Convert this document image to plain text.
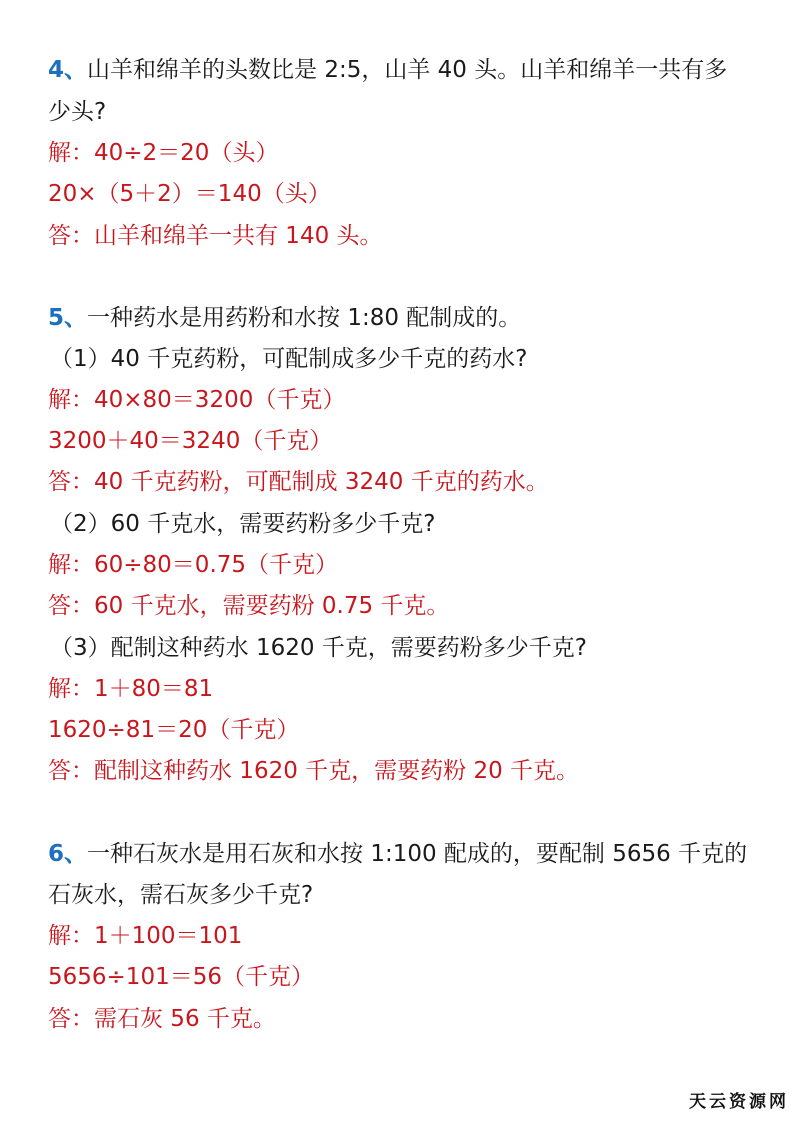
4、山羊和绵羊的头数比是 2:5，山羊 40 头。山羊和绵羊一共有多
少头?
解：40÷2＝20（头）
20×（5＋2）＝140（头）
答：山羊和绵羊一共有 140 头。
5、一种药水是用药粉和水按 1:80 配制成的。
（1）40 千克药粉，可配制成多少千克的药水?
解：40×80＝3200（千克）
3200＋40＝3240（千克）
答：40 千克药粉，可配制成 3240 千克的药水。
（2）60 千克水，需要药粉多少千克?
解：60÷80＝0.75（千克）
答：60 千克水，需要药粉 0.75 千克。
（3）配制这种药水 1620 千克，需要药粉多少千克?
解：1＋80＝81
1620÷81＝20（千克）
答：配制这种药水 1620 千克，需要药粉 20 千克。
6、一种石灰水是用石灰和水按 1:100 配成的，要配制 5656 千克的
石灰水，需石灰多少千克?
解：1＋100＝101
5656÷101＝56（千克）
答：需石灰 56 千克。
天云资源网
